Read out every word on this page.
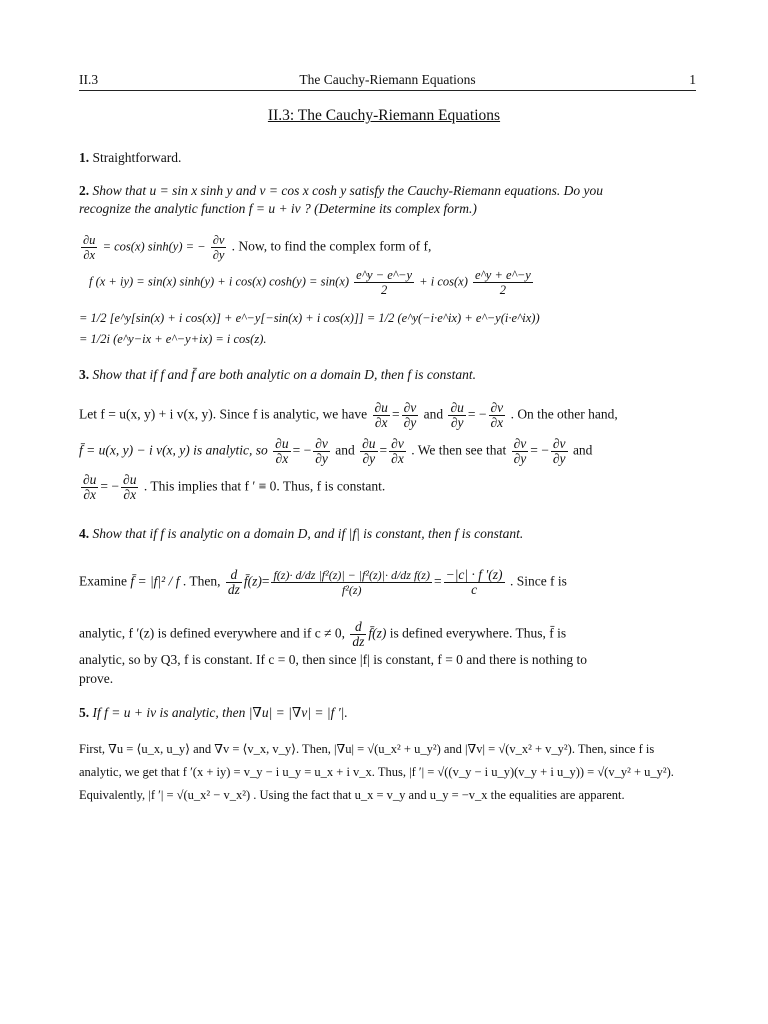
II.3	The Cauchy-Riemann Equations	1
II.3: The Cauchy-Riemann Equations
1. Straightforward.
2. Show that u = sin x sinh y and v = cos x cosh y satisfy the Cauchy-Riemann equations. Do you
recognize the analytic function f = u + iv ? (Determine its complex form.)
$\frac{\partial u}{\partial x} = \cos(x) \sinh(y)$ = − $\frac{\partial v}{\partial y}$ . Now, to find the complex form of f,
f (x + iy) = sin(x) sinh(y) + i cos(x) $\cosh(y) = \sin(x) \frac{e\^{}y - e\^{}-y}{2} + i$ $\cos(x) \frac{e\^{}y + e\^{}-y}{2}$
= 1/2 [e^y[sin(x) + i cos(x)] + e^−y[−sin(x) + i cos(x)]] = 1/2 (e^y(−i·e^ix) + e^−y(i·e^ix))
= 1/2i (e^y−ix + e^−y+ix) = i cos(z).
3. Show that if f and f̄ are both analytic on a domain D, then f is constant.
Let f = u(x, y) + i v(x, y). Since f is analytic, we have $\frac{\partial u}{\partial x} = \frac{\partial v}{\partial y}$ and $\frac{\partial u}{\partial y}$ = − $\frac{\partial v}{\partial x}$ . On the other hand,
f̄ = u(x, y) − i v(x, y) is analytic, so $\frac{\partial u}{\partial x}$ = − $\frac{\partial v}{\partial y}$ and $\frac{\partial u}{\partial y} = \frac{\partial v}{\partial x}$ . We then see that $\frac{\partial v}{\partial y}$ = − $\frac{\partial v}{\partial y}$ and
$\frac{\partial u}{\partial x}$ = − $\frac{\partial u}{\partial x}$ . This implies that f ′ ≡ 0. Thus, f is constant.
4. Show that if f is analytic on a domain D, and if |f| is constant, then f is constant.
Examine f̄ = |f|² / f . Then, $\frac{d}{dz}$ f̄(z)= $\frac{\text{f(z)· d/dz |f²(z)| − |f²(z)|· d/dz f(z)}}{\text{f²(z)}} = \frac{-|c| \cdot f '(z)}{c}$ . Since f is
analytic, f ′(z) is defined everywhere and if c ≠ 0, $\frac{d}{dz}$ f̄(z) is defined everywhere. Thus, f̄ is
analytic, so by Q3, f is constant. If c = 0, then since |f| is constant, f = 0 and there is nothing to
prove.
5. If f = u + iv is analytic, then |∇u| = |∇v| = |f ′|.
First, ∇u = ⟨u_x, u_y⟩ and ∇v = ⟨v_x, v_y⟩. Then, |∇u| = √(u_x² + u_y²) and |∇v| = √(v_x² + v_y²). Then, since f is
analytic, we get that f ′(x + iy) = v_y − i u_y = u_x + i v_x. Thus, |f ′| = √((v_y − i u_y)(v_y + i u_y)) = √(v_y² + u_y²).
Equivalently, |f ′| = √(u_x² − v_x²) . Using the fact that u_x = v_y and u_y = −v_x the equalities are apparent.
